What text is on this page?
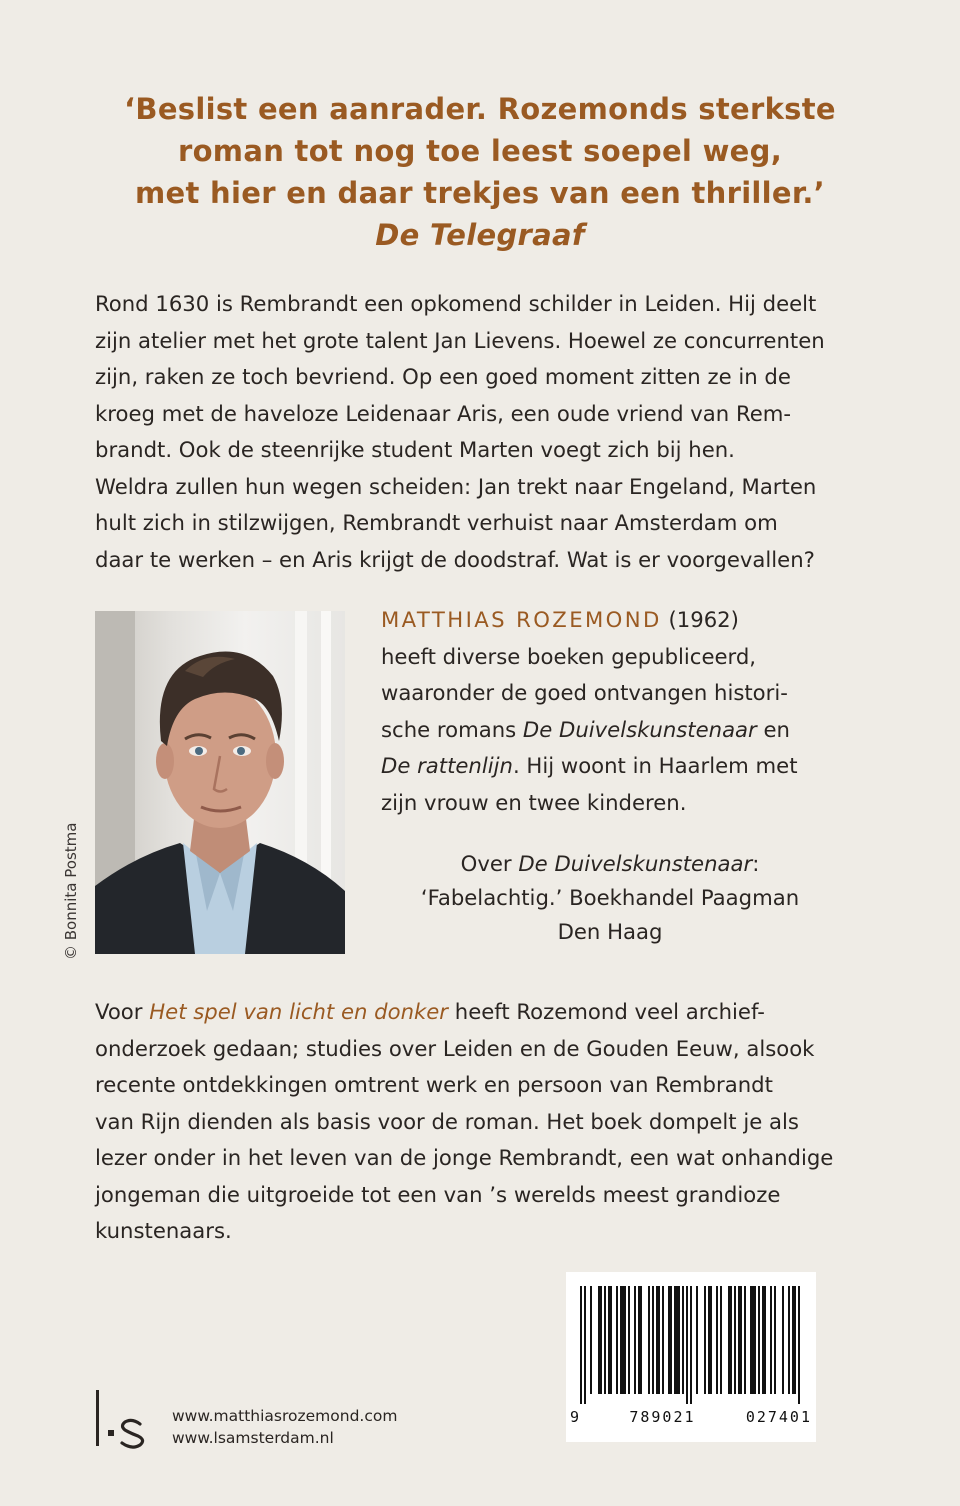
‘Beslist een aanrader. Rozemonds sterkste
roman tot nog toe leest soepel weg,
met hier en daar trekjes van een thriller.’
De Telegraaf
Rond 1630 is Rembrandt een opkomend schilder in Leiden. Hij deelt
zijn atelier met het grote talent Jan Lievens. Hoewel ze concurrenten
zijn, raken ze toch bevriend. Op een goed moment zitten ze in de
kroeg met de haveloze Leidenaar Aris, een oude vriend van Rem-
brandt. Ook de steenrijke student Marten voegt zich bij hen.
Weldra zullen hun wegen scheiden: Jan trekt naar Engeland, Marten
hult zich in stilzwijgen, Rembrandt verhuist naar Amsterdam om
daar te werken – en Aris krijgt de doodstraf. Wat is er voorgevallen?
© Bonnita Postma
MATTHIAS ROZEMOND (1962)
heeft diverse boeken gepubliceerd,
waaronder de goed ontvangen histori-
sche romans De Duivelskunstenaar en
De rattenlijn. Hij woont in Haarlem met
zijn vrouw en twee kinderen.
Over De Duivelskunstenaar:
‘Fabelachtig.’ Boekhandel Paagman
Den Haag
Voor Het spel van licht en donker heeft Rozemond veel archief-
onderzoek gedaan; studies over Leiden en de Gouden Eeuw, alsook
recente ontdekkingen omtrent werk en persoon van Rembrandt
van Rijn dienden als basis voor de roman. Het boek dompelt je als
lezer onder in het leven van de jonge Rembrandt, een wat onhandige
jongeman die uitgroeide tot een van ’s werelds meest grandioze
kunstenaars.
www.matthiasrozemond.com
www.lsamsterdam.nl
9	789021	027401
